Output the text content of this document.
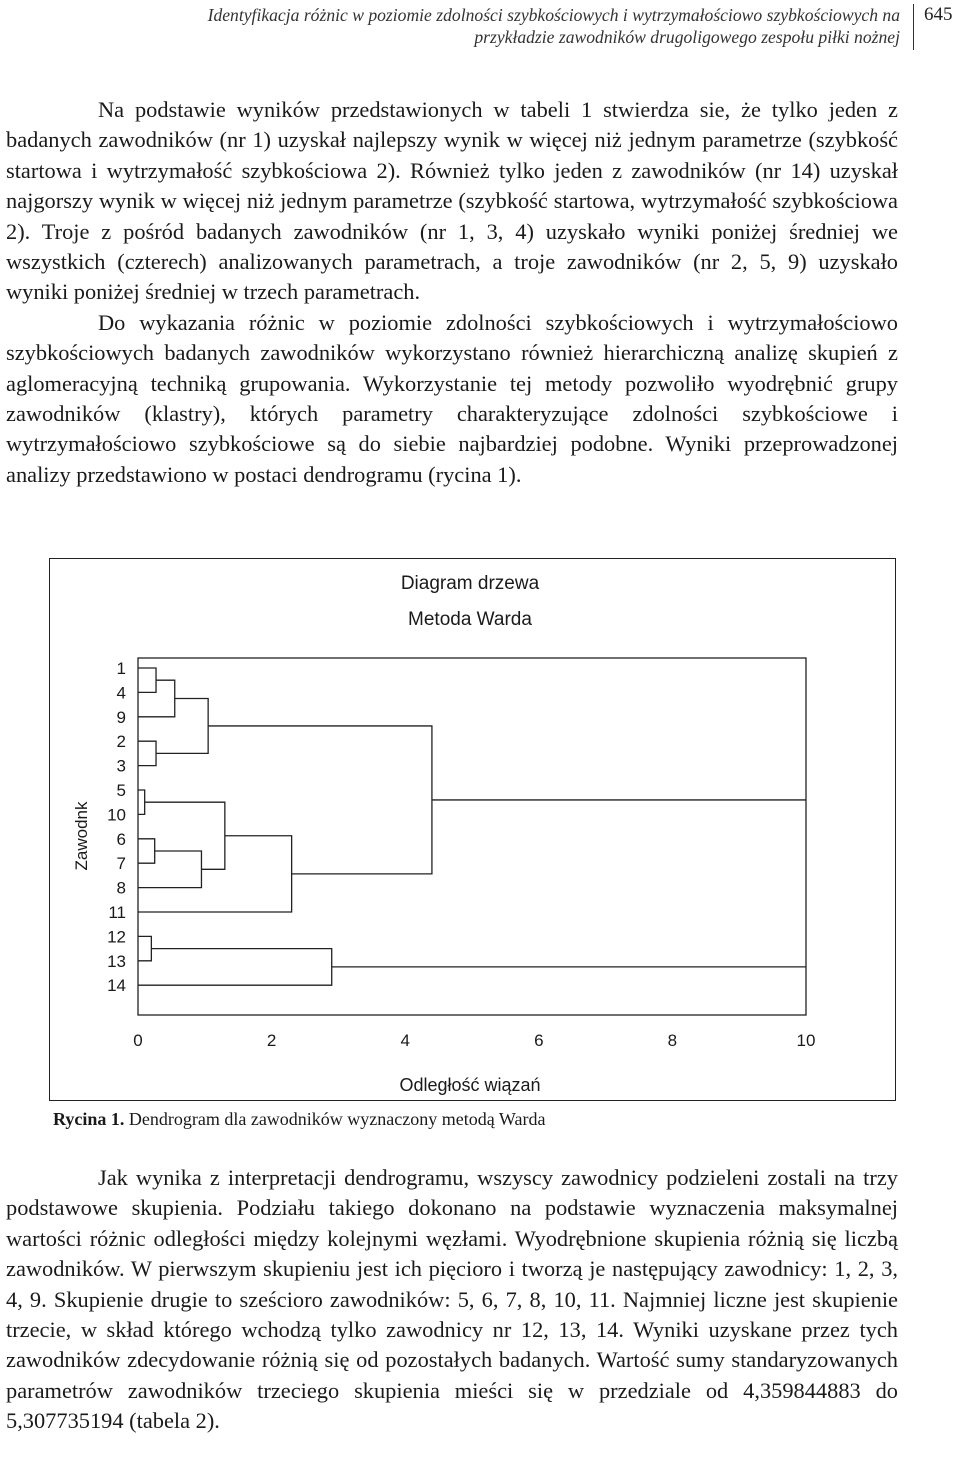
Identyfikacja różnic w poziomie zdolności szybkościowych i wytrzymałościowo szybkościowych na
przykładzie zawodników drugoligowego zespołu piłki nożnej
645

Na podstawie wyników przedstawionych w tabeli 1 stwierdza sie, że tylko jeden z badanych zawodników (nr 1) uzyskał najlepszy wynik w więcej niż jednym parametrze (szybkość startowa i wytrzymałość szybkościowa 2). Również tylko jeden z zawodników (nr 14) uzyskał najgorszy wynik w więcej niż jednym parametrze (szybkość startowa, wytrzymałość szybkościowa 2). Troje z pośród badanych zawodników (nr 1, 3, 4) uzyskało wyniki poniżej średniej we wszystkich (czterech) analizowanych parametrach, a troje zawodników (nr 2, 5, 9) uzyskało wyniki poniżej średniej w trzech parametrach.

Do wykazania różnic w poziomie zdolności szybkościowych i wytrzymałościowo szybkościowych badanych zawodników wykorzystano również hierarchiczną analizę skupień z aglomeracyjną techniką grupowania. Wykorzystanie tej metody pozwoliło wyodrębnić grupy zawodników (klastry), których parametry charakteryzujące zdolności szybkościowe i wytrzymałościowo szybkościowe są do siebie najbardziej podobne. Wyniki przeprowadzonej analizy przedstawiono w postaci dendrogramu (rycina 1).

Diagram drzewa
Metoda Warda
1
4
9
2
3
5
10
6
7
8
11
12
13
14
0	2	4	6	8	10
Odległość wiązań
Zawodnk
Rycina 1. Dendrogram dla zawodników wyznaczony metodą Warda

Jak wynika z interpretacji dendrogramu, wszyscy zawodnicy podzieleni zostali na trzy podstawowe skupienia. Podziału takiego dokonano na podstawie wyznaczenia maksymalnej wartości różnic odległości między kolejnymi węzłami. Wyodrębnione skupienia różnią się liczbą zawodników. W pierwszym skupieniu jest ich pięcioro i tworzą je następujący zawodnicy: 1, 2, 3, 4, 9. Skupienie drugie to sześcioro zawodników: 5, 6, 7, 8, 10, 11. Najmniej liczne jest skupienie trzecie, w skład którego wchodzą tylko zawodnicy nr 12, 13, 14. Wyniki uzyskane przez tych zawodników zdecydowanie różnią się od pozostałych badanych. Wartość sumy standaryzowanych parametrów zawodników trzeciego skupienia mieści się w przedziale od 4,359844883 do 5,307735194 (tabela 2).
